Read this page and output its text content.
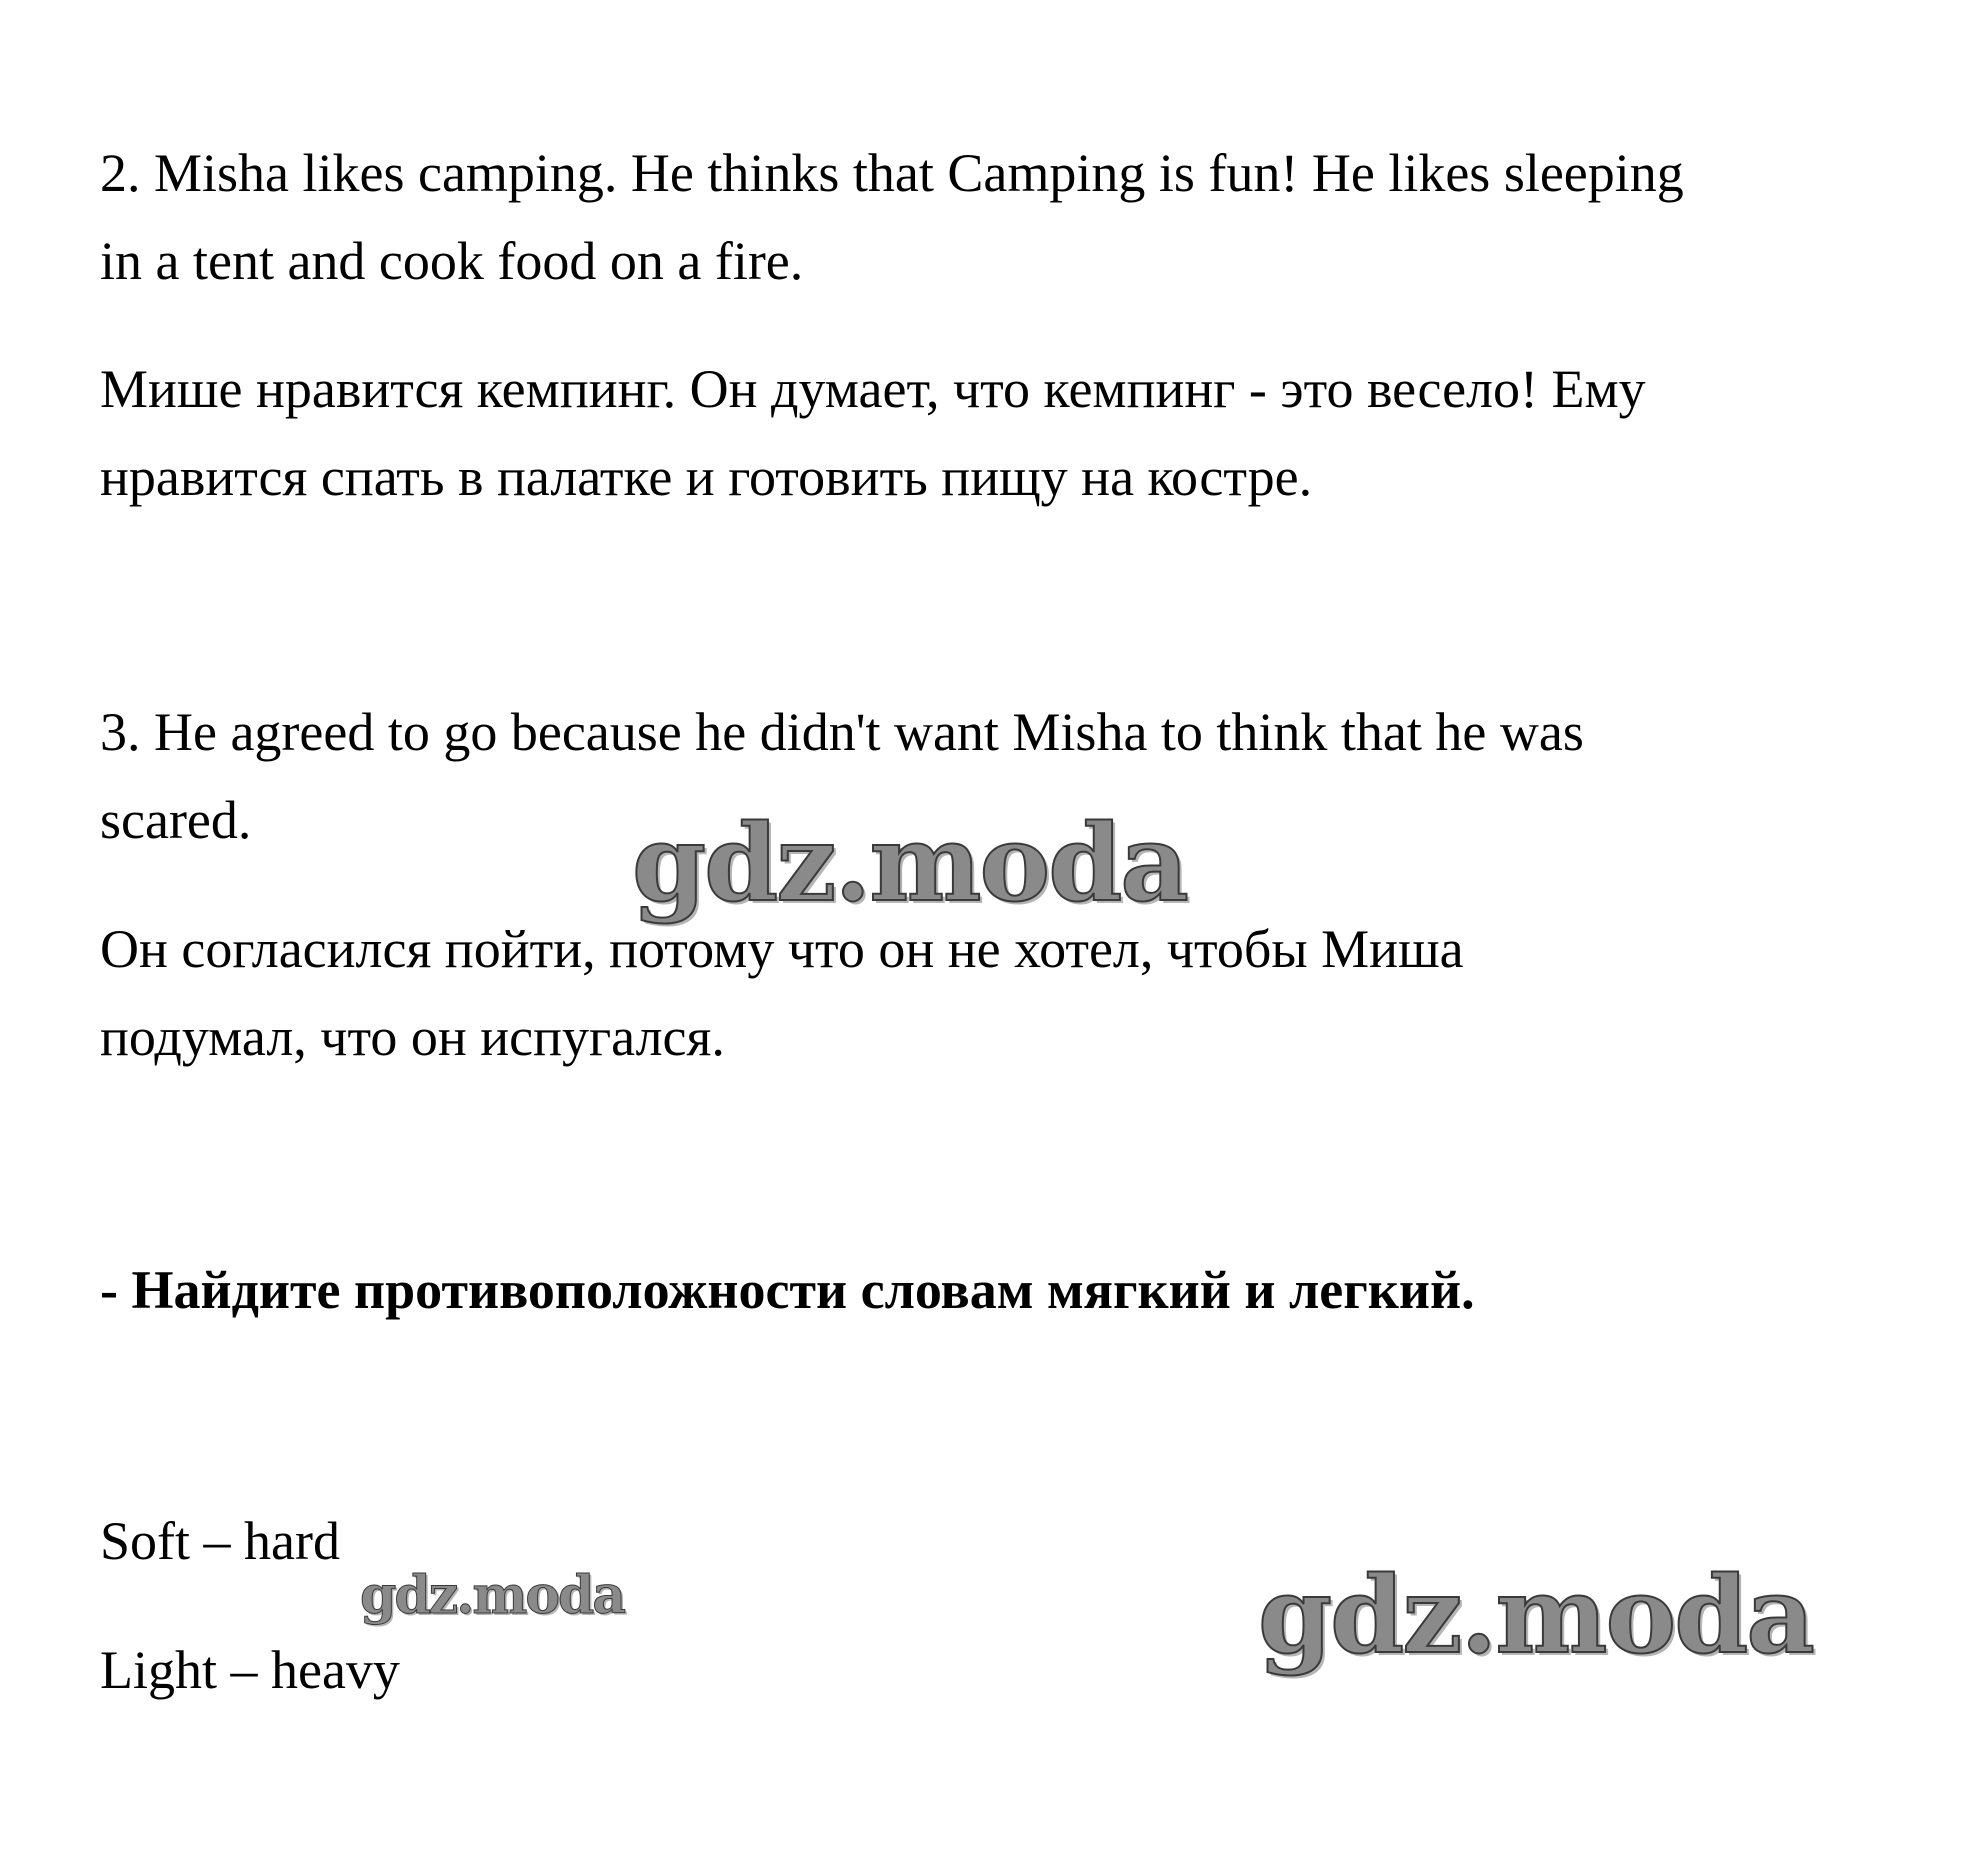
2. Misha likes camping. He thinks that Camping is fun! He likes sleeping

in a tent and cook food on a fire.

Мише нравится кемпинг. Он думает, что кемпинг - это весело! Ему

нравится спать в палатке и готовить пищу на костре.

3. He agreed to go because he didn't want Misha to think that he was

scared.

Он согласился пойти, потому что он не хотел, чтобы Миша

подумал, что он испугался.

- Найдите противоположности словам мягкий и легкий.

Soft – hard

Light – heavy

gdz.moda
gdz.moda	gdz.moda
